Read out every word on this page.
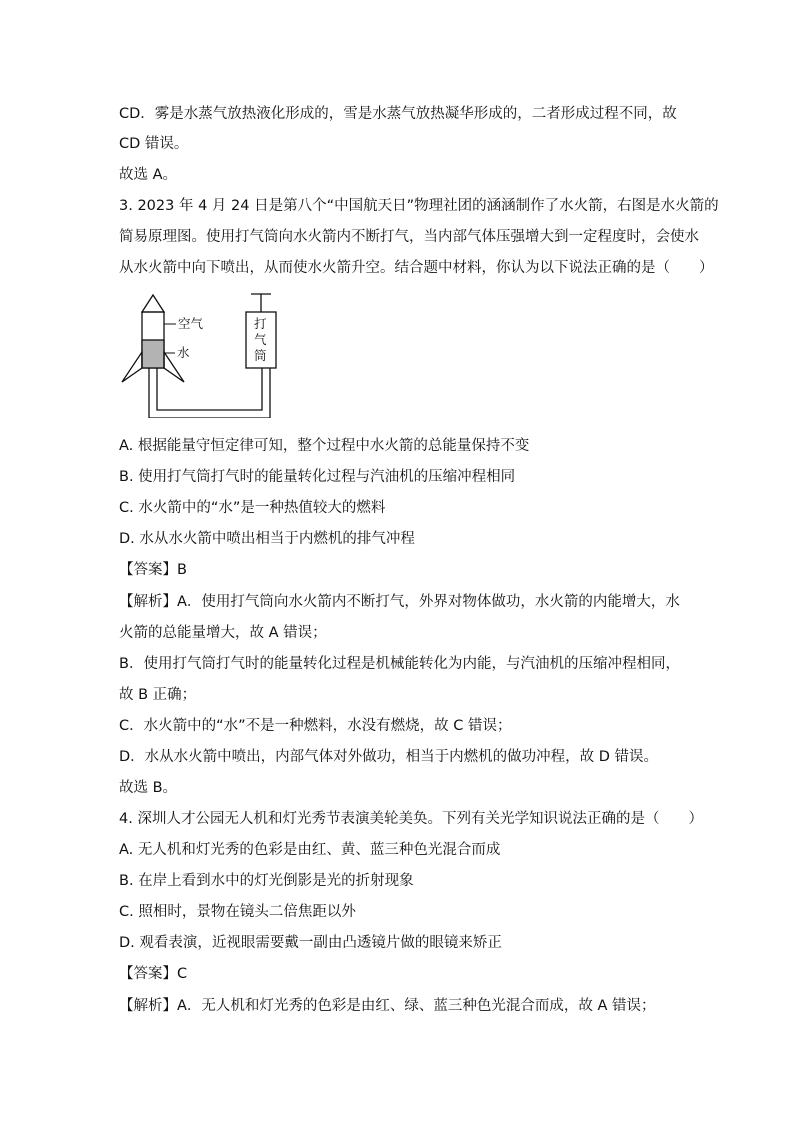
CD．雾是水蒸气放热液化形成的，雪是水蒸气放热凝华形成的，二者形成过程不同，故
CD 错误。
故选 A。
3. 2023 年 4 月 24 日是第八个“中国航天日”物理社团的涵涵制作了水火箭，右图是水火箭的
简易原理图。使用打气筒向水火箭内不断打气，当内部气体压强增大到一定程度时，会使水
从水火箭中向下喷出，从而使水火箭升空。结合题中材料，你认为以下说法正确的是（　　）
空气
水
打
气
筒
A. 根据能量守恒定律可知，整个过程中水火箭的总能量保持不变
B. 使用打气筒打气时的能量转化过程与汽油机的压缩冲程相同
C. 水火箭中的“水”是一种热值较大的燃料
D. 水从水火箭中喷出相当于内燃机的排气冲程
【答案】B
【解析】A．使用打气筒向水火箭内不断打气，外界对物体做功，水火箭的内能增大，水
火箭的总能量增大，故 A 错误；
B．使用打气筒打气时的能量转化过程是机械能转化为内能，与汽油机的压缩冲程相同，
故 B 正确；
C．水火箭中的“水”不是一种燃料，水没有燃烧，故 C 错误；
D．水从水火箭中喷出，内部气体对外做功，相当于内燃机的做功冲程，故 D 错误。
故选 B。
4. 深圳人才公园无人机和灯光秀节表演美轮美奂。下列有关光学知识说法正确的是（　　）
A. 无人机和灯光秀的色彩是由红、黄、蓝三种色光混合而成
B. 在岸上看到水中的灯光倒影是光的折射现象
C. 照相时，景物在镜头二倍焦距以外
D. 观看表演，近视眼需要戴一副由凸透镜片做的眼镜来矫正
【答案】C
【解析】A．无人机和灯光秀的色彩是由红、绿、蓝三种色光混合而成，故 A 错误；
